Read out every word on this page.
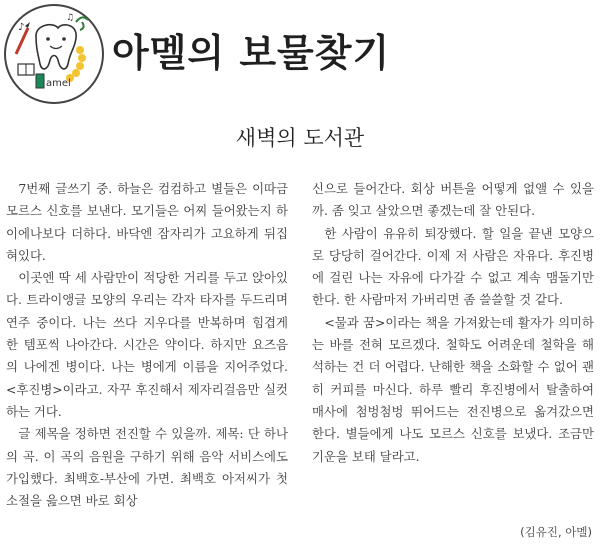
♪
♫
amel
아멜의 보물찾기
새벽의 도서관

7번째 글쓰기 중. 하늘은 컴컴하고 별들은 이따금 모르스 신호를 보낸다. 모기들은 어찌 들어왔는지 하이에나보다 더하다. 바닥엔 잠자리가 고요하게 뒤집혀있다.

이곳엔 딱 세 사람만이 적당한 거리를 두고 앉아있다. 트라이앵글 모양의 우리는 각자 타자를 두드리며 연주 중이다. 나는 쓰다 지우다를 반복하며 힘겹게 한 템포씩 나아간다. 시간은 약이다. 하지만 요즈음의 나에겐 병이다. 나는 병에게 이름을 지어주었다. <후진병>이라고. 자꾸 후진해서 제자리걸음만 실컷 하는 거다.

글 제목을 정하면 전진할 수 있을까. 제목: 단 하나의 곡. 이 곡의 음원을 구하기 위해 음악 서비스에도 가입했다. 최백호-부산에 가면. 최백호 아저씨가 첫 소절을 읊으면 바로 회상

신으로 들어간다. 회상 버튼을 어떻게 없앨 수 있을까. 좀 잊고 살았으면 좋겠는데 잘 안된다.

한 사람이 유유히 퇴장했다. 할 일을 끝낸 모양으로 당당히 걸어간다. 이제 저 사람은 자유다. 후진병에 걸린 나는 자유에 다가갈 수 없고 계속 맴돌기만 한다. 한 사람마저 가버리면 좀 쓸쓸할 것 같다.

<물과 꿈>이라는 책을 가져왔는데 활자가 의미하는 바를 전혀 모르겠다. 철학도 어려운데 철학을 해석하는 건 더 어렵다. 난해한 책을 소화할 수 없어 괜히 커피를 마신다. 하루 빨리 후진병에서 탈출하여 매사에 첨벙첨벙 뛰어드는 전진병으로 옮겨갔으면 한다. 별들에게 나도 모르스 신호를 보냈다. 조금만 기운을 보태 달라고.

(김유진, 아멜)
